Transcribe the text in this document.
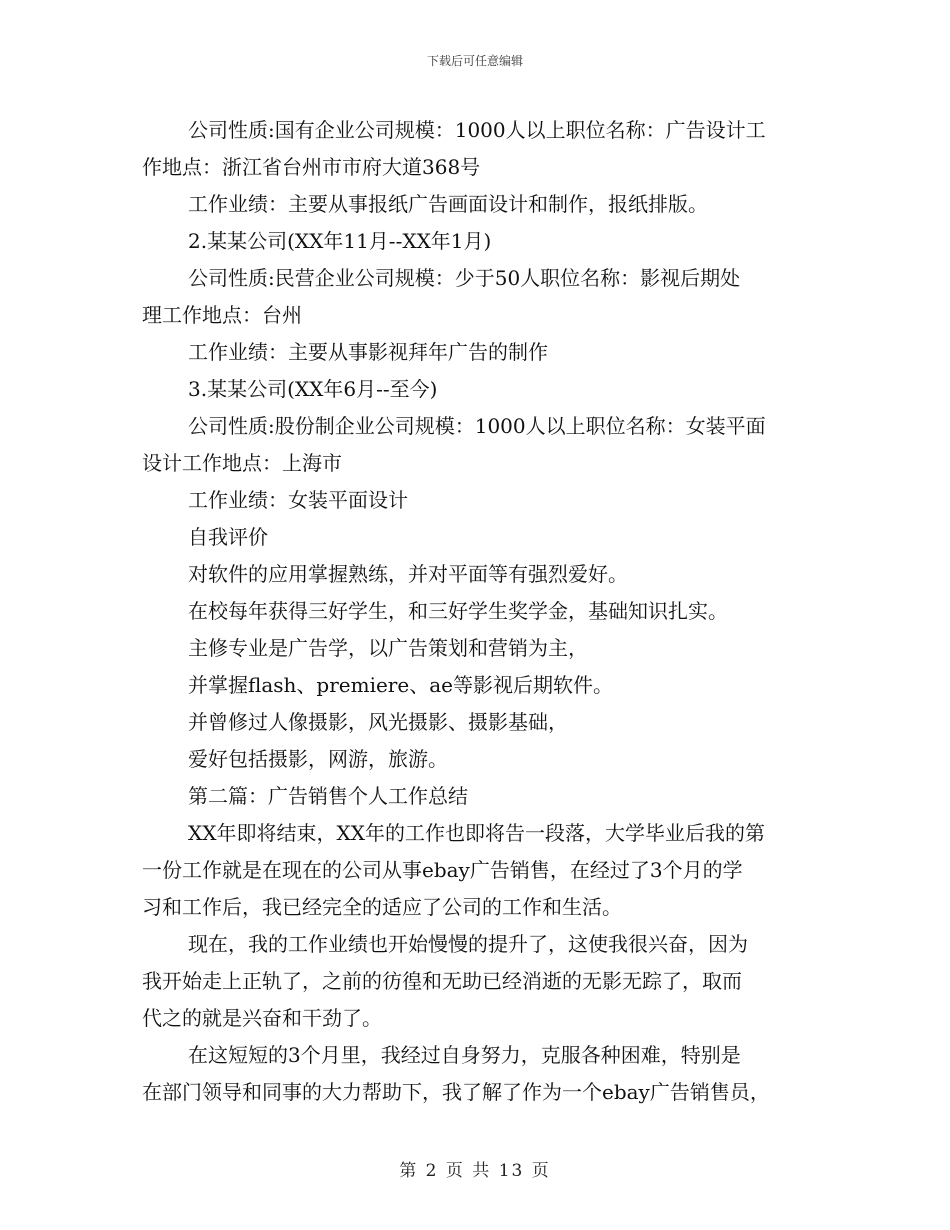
下载后可任意编辑
公司性质:国有企业公司规模：1000人以上职位名称：广告设计工
作地点：浙江省台州市市府大道368号
工作业绩：主要从事报纸广告画面设计和制作，报纸排版。
2.某某公司(XX年11月--XX年1月)
公司性质:民营企业公司规模：少于50人职位名称：影视后期处
理工作地点：台州
工作业绩：主要从事影视拜年广告的制作
3.某某公司(XX年6月--至今)
公司性质:股份制企业公司规模：1000人以上职位名称：女装平面
设计工作地点：上海市
工作业绩：女装平面设计
自我评价
对软件的应用掌握熟练，并对平面等有强烈爱好。
在校每年获得三好学生，和三好学生奖学金，基础知识扎实。
主修专业是广告学，以广告策划和营销为主，
并掌握flash、premiere、ae等影视后期软件。
并曾修过人像摄影，风光摄影、摄影基础，
爱好包括摄影，网游，旅游。
第二篇：广告销售个人工作总结
XX年即将结束，XX年的工作也即将告一段落，大学毕业后我的第
一份工作就是在现在的公司从事ebay广告销售，在经过了3个月的学
习和工作后，我已经完全的适应了公司的工作和生活。
现在，我的工作业绩也开始慢慢的提升了，这使我很兴奋，因为
我开始走上正轨了，之前的彷徨和无助已经消逝的无影无踪了，取而
代之的就是兴奋和干劲了。
在这短短的3个月里，我经过自身努力，克服各种困难，特别是
在部门领导和同事的大力帮助下，我了解了作为一个ebay广告销售员，
第 2 页 共 13 页
